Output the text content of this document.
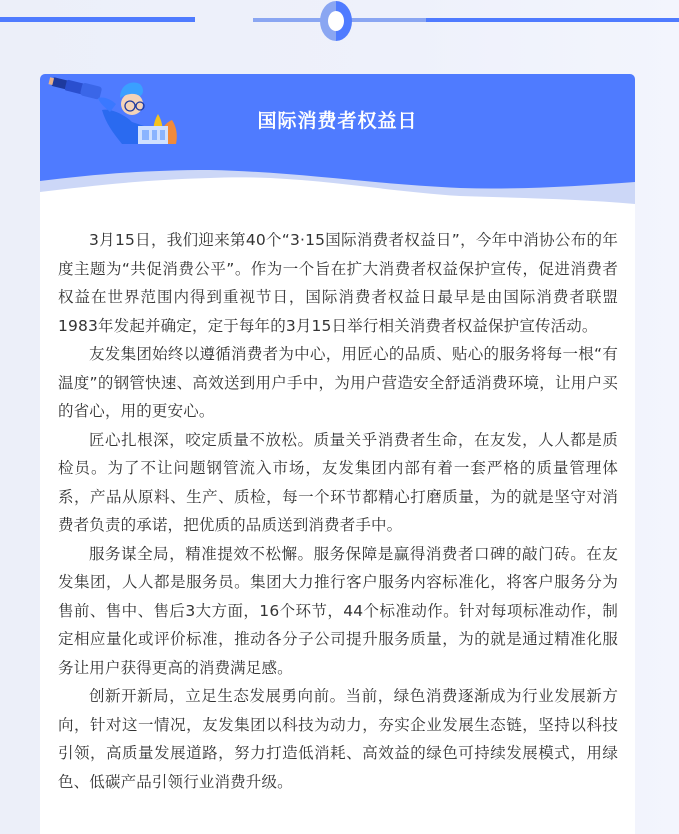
国际消费者权益日

3月15日，我们迎来第40个“3·15国际消费者权益日”，今年中消协公布的年度主题为“共促消费公平”。作为一个旨在扩大消费者权益保护宣传，促进消费者权益在世界范围内得到重视节日，国际消费者权益日最早是由国际消费者联盟1983年发起并确定，定于每年的3月15日举行相关消费者权益保护宣传活动。

友发集团始终以遵循消费者为中心，用匠心的品质、贴心的服务将每一根“有温度”的钢管快速、高效送到用户手中，为用户营造安全舒适消费环境，让用户买的省心，用的更安心。

匠心扎根深，咬定质量不放松。质量关乎消费者生命，在友发，人人都是质检员。为了不让问题钢管流入市场，友发集团内部有着一套严格的质量管理体系，产品从原料、生产、质检，每一个环节都精心打磨质量，为的就是坚守对消费者负责的承诺，把优质的品质送到消费者手中。

服务谋全局，精准提效不松懈。服务保障是赢得消费者口碑的敲门砖。在友发集团，人人都是服务员。集团大力推行客户服务内容标准化，将客户服务分为售前、售中、售后3大方面，16个环节，44个标准动作。针对每项标准动作，制定相应量化或评价标准，推动各分子公司提升服务质量，为的就是通过精准化服务让用户获得更高的消费满足感。

创新开新局，立足生态发展勇向前。当前，绿色消费逐渐成为行业发展新方向，针对这一情况，友发集团以科技为动力，夯实企业发展生态链，坚持以科技引领，高质量发展道路，努力打造低消耗、高效益的绿色可持续发展模式，用绿色、低碳产品引领行业消费升级。
